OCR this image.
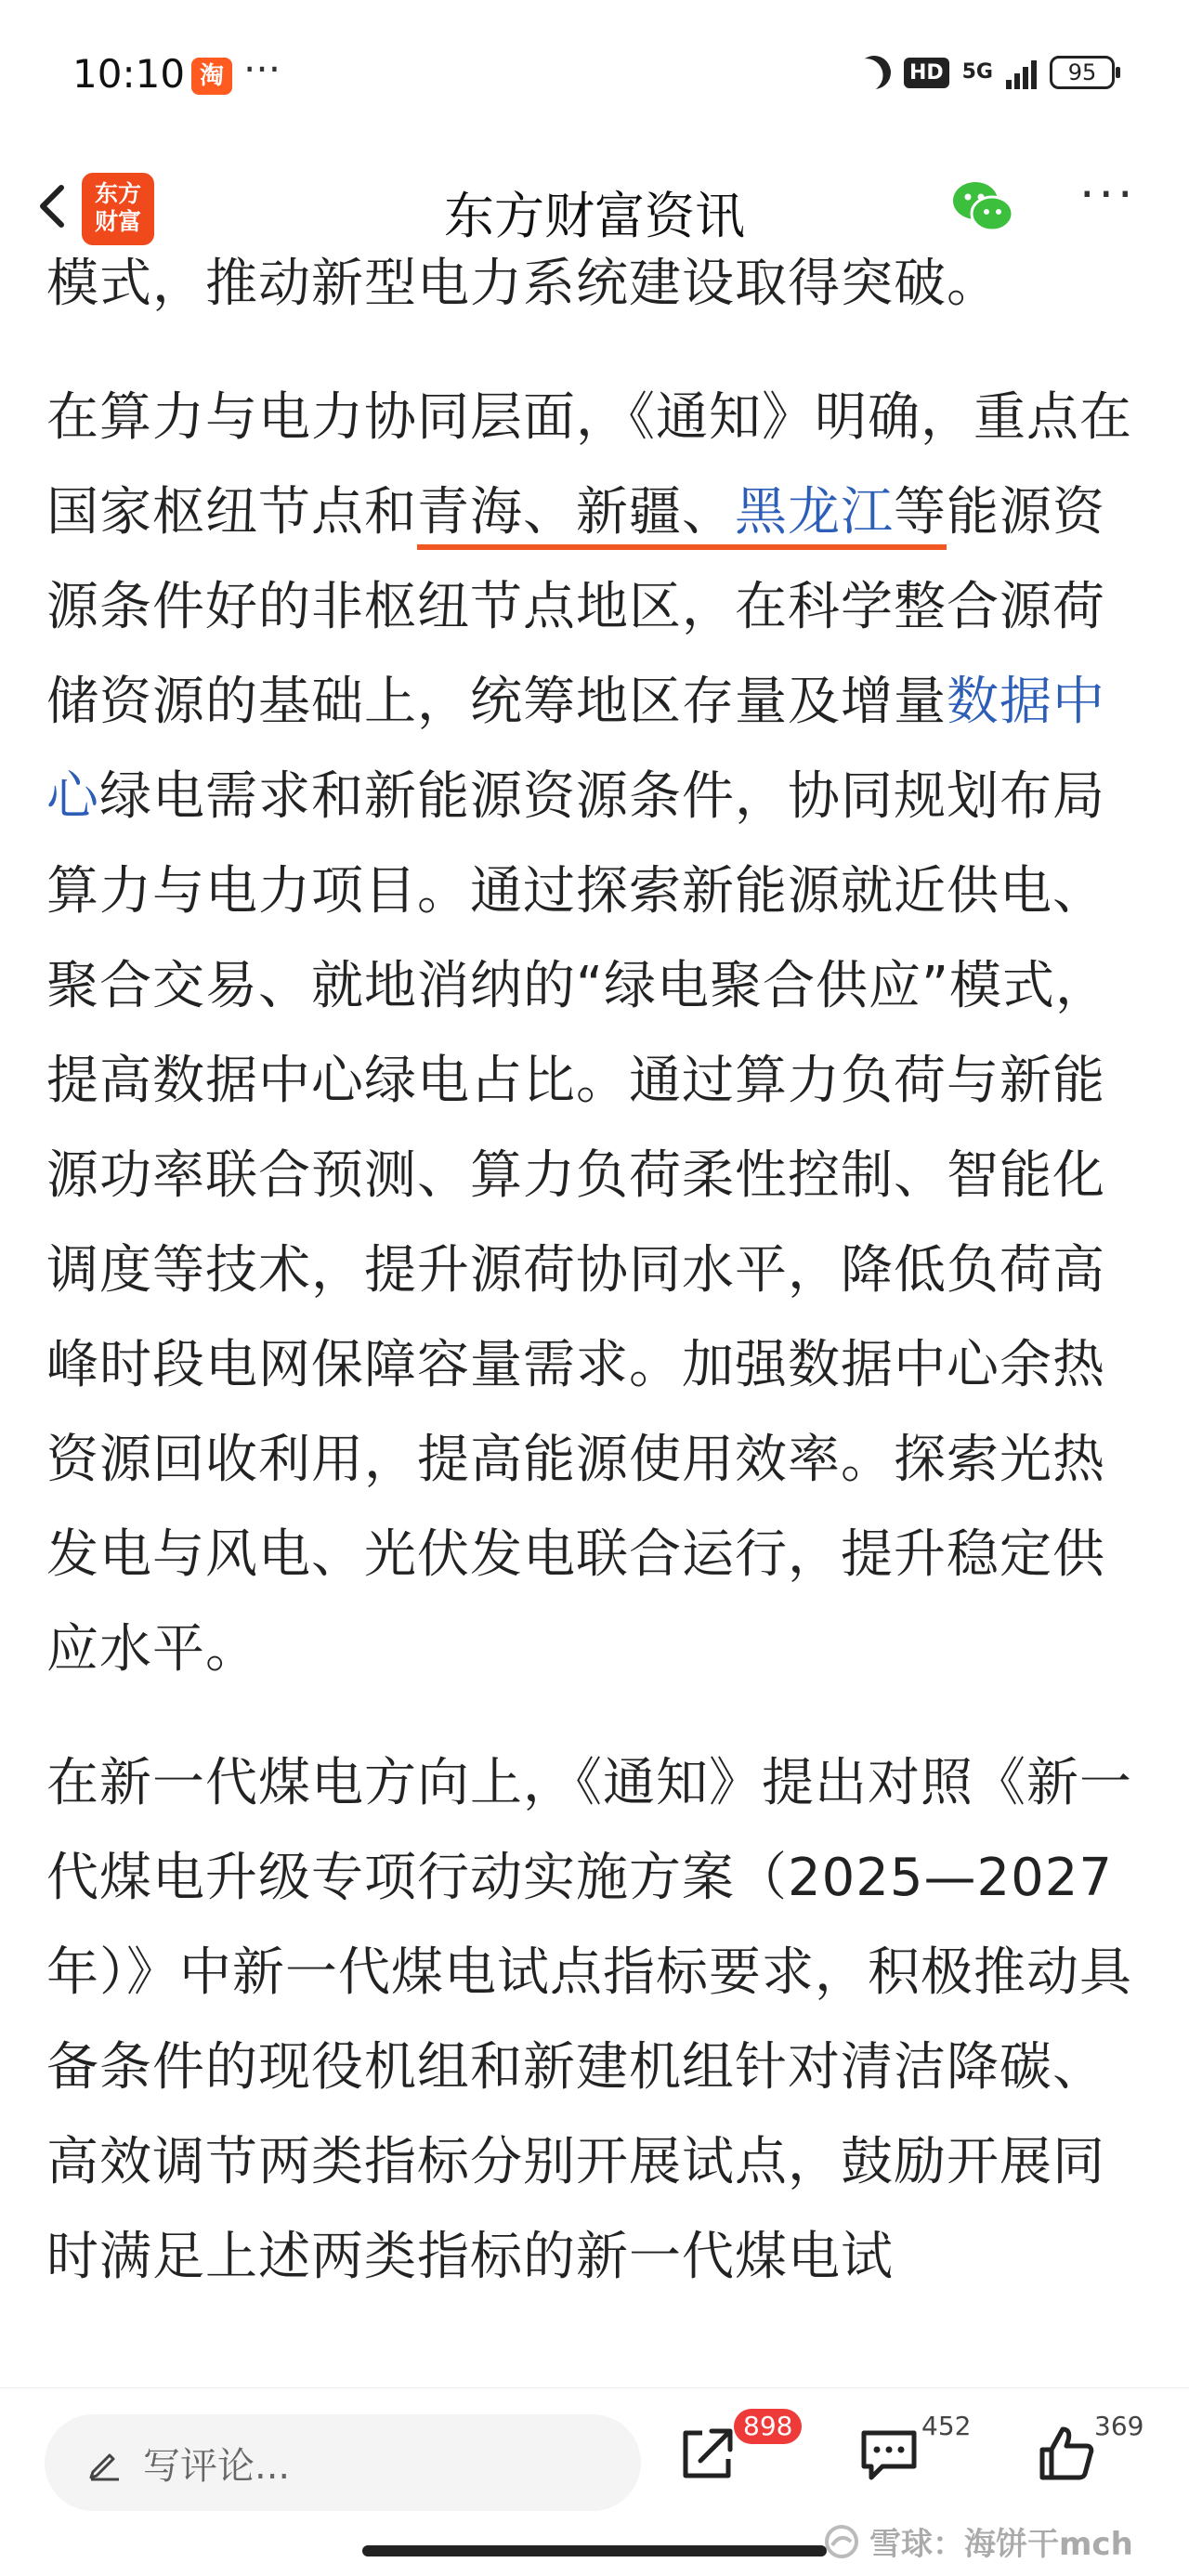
10:10 淘 ···	HD 5G	95
东方财富资讯
东方
财富	···

模式，推动新型电力系统建设取得突破。

在算力与电力协同层面，《通知》明确，重点在国家枢纽节点和青海、新疆、黑龙江等能源资源条件好的非枢纽节点地区，在科学整合源荷储资源的基础上，统筹地区存量及增量数据中心绿电需求和新能源资源条件，协同规划布局算力与电力项目。通过探索新能源就近供电、聚合交易、就地消纳的“绿电聚合供应”模式，提高数据中心绿电占比。通过算力负荷与新能源功率联合预测、算力负荷柔性控制、智能化调度等技术，提升源荷协同水平，降低负荷高峰时段电网保障容量需求。加强数据中心余热资源回收利用，提高能源使用效率。探索光热发电与风电、光伏发电联合运行，提升稳定供应水平。

在新一代煤电方向上，《通知》提出对照《新一代煤电升级专项行动实施方案（2025—2027年）》中新一代煤电试点指标要求，积极推动具备条件的现役机组和新建机组针对清洁降碳、高效调节两类指标分别开展试点，鼓励开展同时满足上述两类指标的新一代煤电试

写评论...
898	452	369
雪球：海饼干mch
